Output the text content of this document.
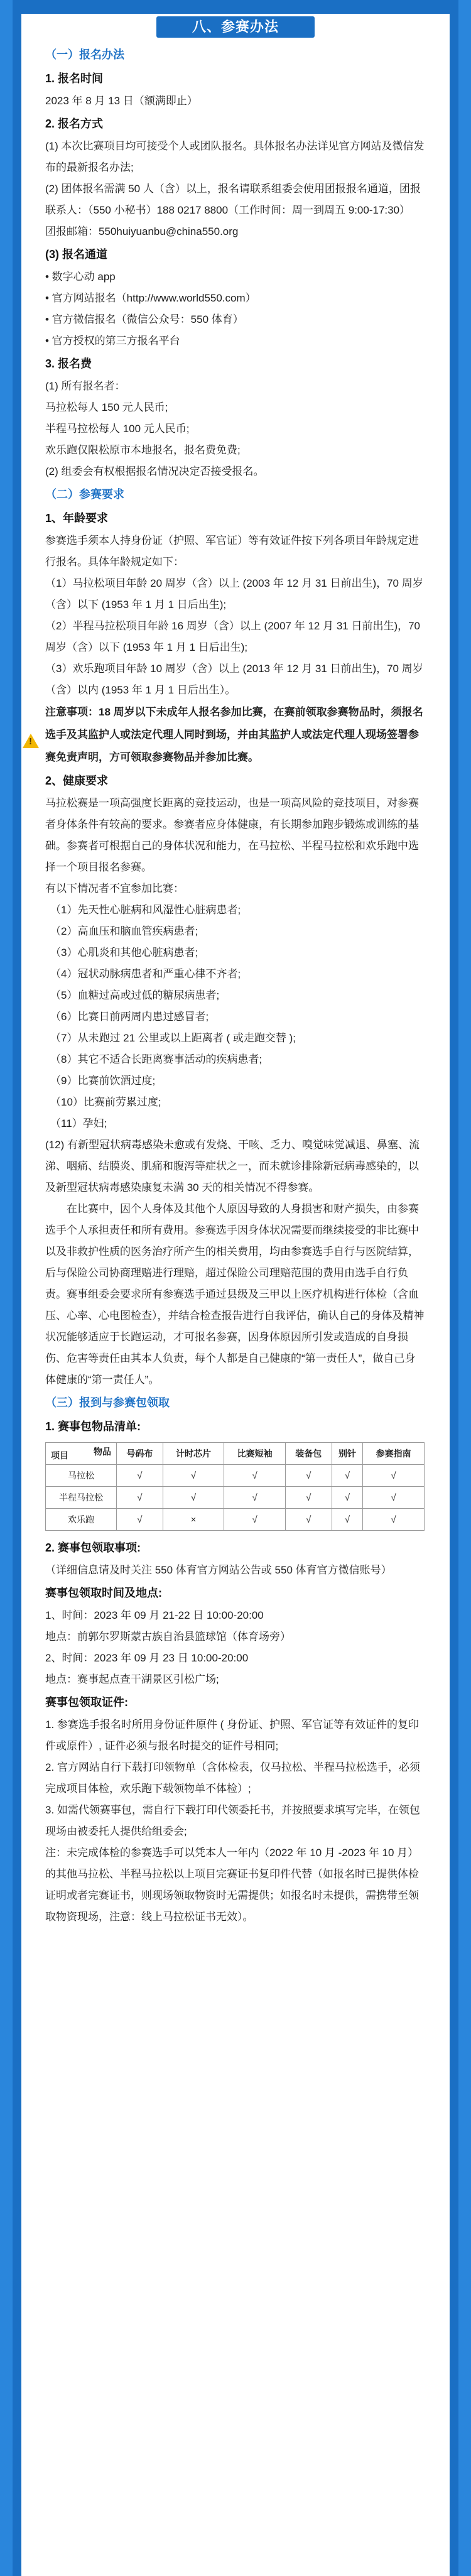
八、参赛办法

（一）报名办法

1. 报名时间

2023 年 8 月 13 日（额满即止）

2. 报名方式

(1) 本次比赛项目均可接受个人或团队报名。具体报名办法详见官方网站及微信发布的最新报名办法;

(2) 团体报名需满 50 人（含）以上，报名请联系组委会使用团报报名通道，团报联系人：（550 小秘书）188 0217 8800（工作时间：周一到周五 9:00-17:30）

团报邮箱：550huiyuanbu@china550.org

(3) 报名通道

• 数字心动 app

• 官方网站报名（http://www.world550.com）

• 官方微信报名（微信公众号：550 体育）

• 官方授权的第三方报名平台

3. 报名费

(1) 所有报名者：

马拉松每人 150 元人民币;

半程马拉松每人 100 元人民币;

欢乐跑仅限松原市本地报名，报名费免费;

(2) 组委会有权根据报名情况决定否接受报名。

（二）参赛要求

1、年龄要求

参赛选手须本人持身份证（护照、军官证）等有效证件按下列各项目年龄规定进行报名。具体年龄规定如下：

（1）马拉松项目年龄 20 周岁（含）以上 (2003 年 12 月 31 日前出生)，70 周岁（含）以下 (1953 年 1 月 1 日后出生);

（2）半程马拉松项目年龄 16 周岁（含）以上 (2007 年 12 月 31 日前出生)，70 周岁（含）以下 (1953 年 1 月 1 日后出生);

（3）欢乐跑项目年龄 10 周岁（含）以上 (2013 年 12 月 31 日前出生)，70 周岁（含）以内 (1953 年 1 月 1 日后出生）。

!
注意事项：18 周岁以下未成年人报名参加比赛，在赛前领取参赛物品时，须报名选手及其监护人或法定代理人同时到场，并由其监护人或法定代理人现场签署参赛免责声明，方可领取参赛物品并参加比赛。

2、健康要求

马拉松赛是一项高强度长距离的竞技运动，也是一项高风险的竞技项目，对参赛者身体条件有较高的要求。参赛者应身体健康，有长期参加跑步锻炼或训练的基础。参赛者可根据自己的身体状况和能力，在马拉松、半程马拉松和欢乐跑中选择一个项目报名参赛。

有以下情况者不宜参加比赛：

（1）先天性心脏病和风湿性心脏病患者;

（2）高血压和脑血管疾病患者;

（3）心肌炎和其他心脏病患者;

（4）冠状动脉病患者和严重心律不齐者;

（5）血糖过高或过低的糖尿病患者;

（6）比赛日前两周内患过感冒者;

（7）从未跑过 21 公里或以上距离者 ( 或走跑交替 );

（8）其它不适合长距离赛事活动的疾病患者;

（9）比赛前饮酒过度;

（10）比赛前劳累过度;

（11）孕妇;

(12) 有新型冠状病毒感染未愈或有发烧、干咳、乏力、嗅觉味觉减退、鼻塞、流涕、咽痛、结膜炎、肌痛和腹泻等症状之一，而未就诊排除新冠病毒感染的，以及新型冠状病毒感染康复未满 30 天的相关情况不得参赛。

在比赛中，因个人身体及其他个人原因导致的人身损害和财产损失，由参赛选手个人承担责任和所有费用。参赛选手因身体状况需要而继续接受的非比赛中以及非救护性质的医务治疗所产生的相关费用，均由参赛选手自行与医院结算，后与保险公司协商理赔进行理赔，超过保险公司理赔范围的费用由选手自行负责。赛事组委会要求所有参赛选手通过县级及三甲以上医疗机构进行体检（含血压、心率、心电图检查），并结合检查报告进行自我评估，确认自己的身体及精神状况能够适应于长跑运动，才可报名参赛，因身体原因所引发或造成的自身损伤、危害等责任由其本人负责，每个人都是自己健康的“第一责任人”，做自己身体健康的“第一责任人”。

（三）报到与参赛包领取

1. 赛事包物品清单:

物品
项目	号码布	计时芯片	比赛短袖	装备包	别针	参赛指南
马拉松	√	√	√	√	√	√
半程马拉松	√	√	√	√	√	√
欢乐跑	√	×	√	√	√	√

2. 赛事包领取事项:

（详细信息请及时关注 550 体育官方网站公告或 550 体育官方微信账号）

赛事包领取时间及地点:

1、时间：2023 年 09 月 21-22 日 10:00-20:00

地点：前郭尔罗斯蒙古族自治县篮球馆（体育场旁）

2、时间：2023 年 09 月 23 日 10:00-20:00

地点：赛事起点查干湖景区引松广场;

赛事包领取证件:

1. 参赛选手报名时所用身份证件原件 ( 身份证、护照、军官证等有效证件的复印件或原件）, 证件必须与报名时提交的证件号相同;

2. 官方网站自行下载打印领物单（含体检表，仅马拉松、半程马拉松选手，必须完成项目体检，欢乐跑下载领物单不体检）;

3. 如需代领赛事包，需自行下载打印代领委托书，并按照要求填写完毕，在领包现场由被委托人提供给组委会;

注：未完成体检的参赛选手可以凭本人一年内（2022 年 10 月 -2023 年 10 月）的其他马拉松、半程马拉松以上项目完赛证书复印件代替（如报名时已提供体检证明或者完赛证书，则现场领取物资时无需提供；如报名时未提供，需携带至领取物资现场，注意：线上马拉松证书无效）。
